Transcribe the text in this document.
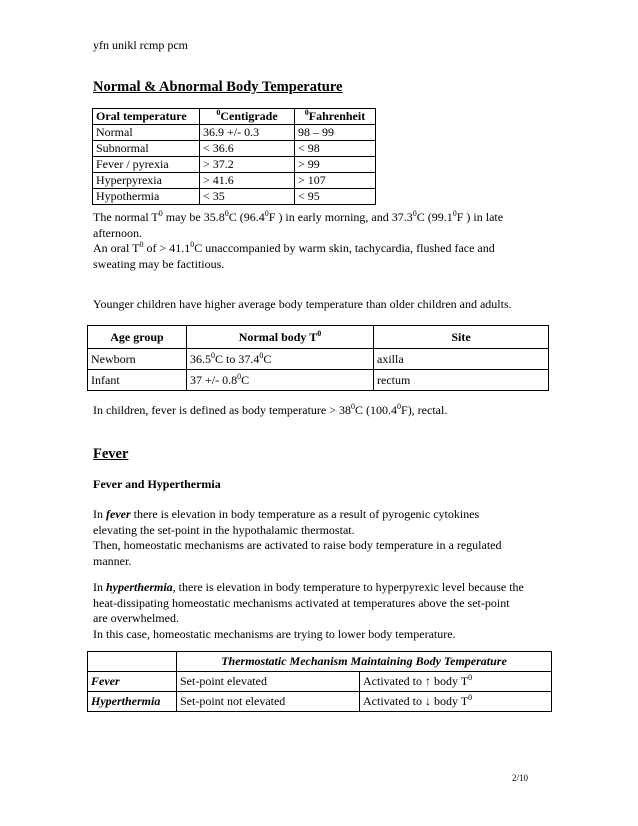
yfn unikl rcmp pcm
Normal & Abnormal Body Temperature
Oral temperature	$^0$Centigrade	$^0$Fahrenheit
Normal	36.9 +/- 0.3	98 – 99
Subnormal	< 36.6	< 98
Fever / pyrexia	> 37.2	> 99
Hyperpyrexia	> 41.6	> 107
Hypothermia	< 35	< 95
The normal $T^0$ may be 35.8$^0$C (96.4$^0$F ) in early morning, and 37.3$^0$C (99.1$^0$F ) in late
afternoon.
An oral $T^0$ of > $41.1^0C$ unaccompanied by warm skin, tachycardia, flushed face and
sweating may be factitious.
Younger children have higher average body temperature than older children and adults.
Age group	Normal body $T^0$	Site
Newborn	36.5$^0$C to 37.4$^0$C	axilla
Infant	37 +/- $0.8^0C$	rectum
In children, fever is defined as body temperature > $38^0C$ (100.4$^0$F), rectal.
Fever
Fever and Hyperthermia
In fever there is elevation in body temperature as a result of pyrogenic cytokines
elevating the set-point in the hypothalamic thermostat.
Then, homeostatic mechanisms are activated to raise body temperature in a regulated
manner.
In hyperthermia, there is elevation in body temperature to hyperpyrexic level because the
heat-dissipating homeostatic mechanisms activated at temperatures above the set-point
are overwhelmed.
In this case, homeostatic mechanisms are trying to lower body temperature.
	Thermostatic Mechanism Maintaining Body Temperature	
Fever	Set-point elevated	Activated to ↑ body $T^0$
Hyperthermia	Set-point not elevated	Activated to ↓ body $T^0$
2/10
